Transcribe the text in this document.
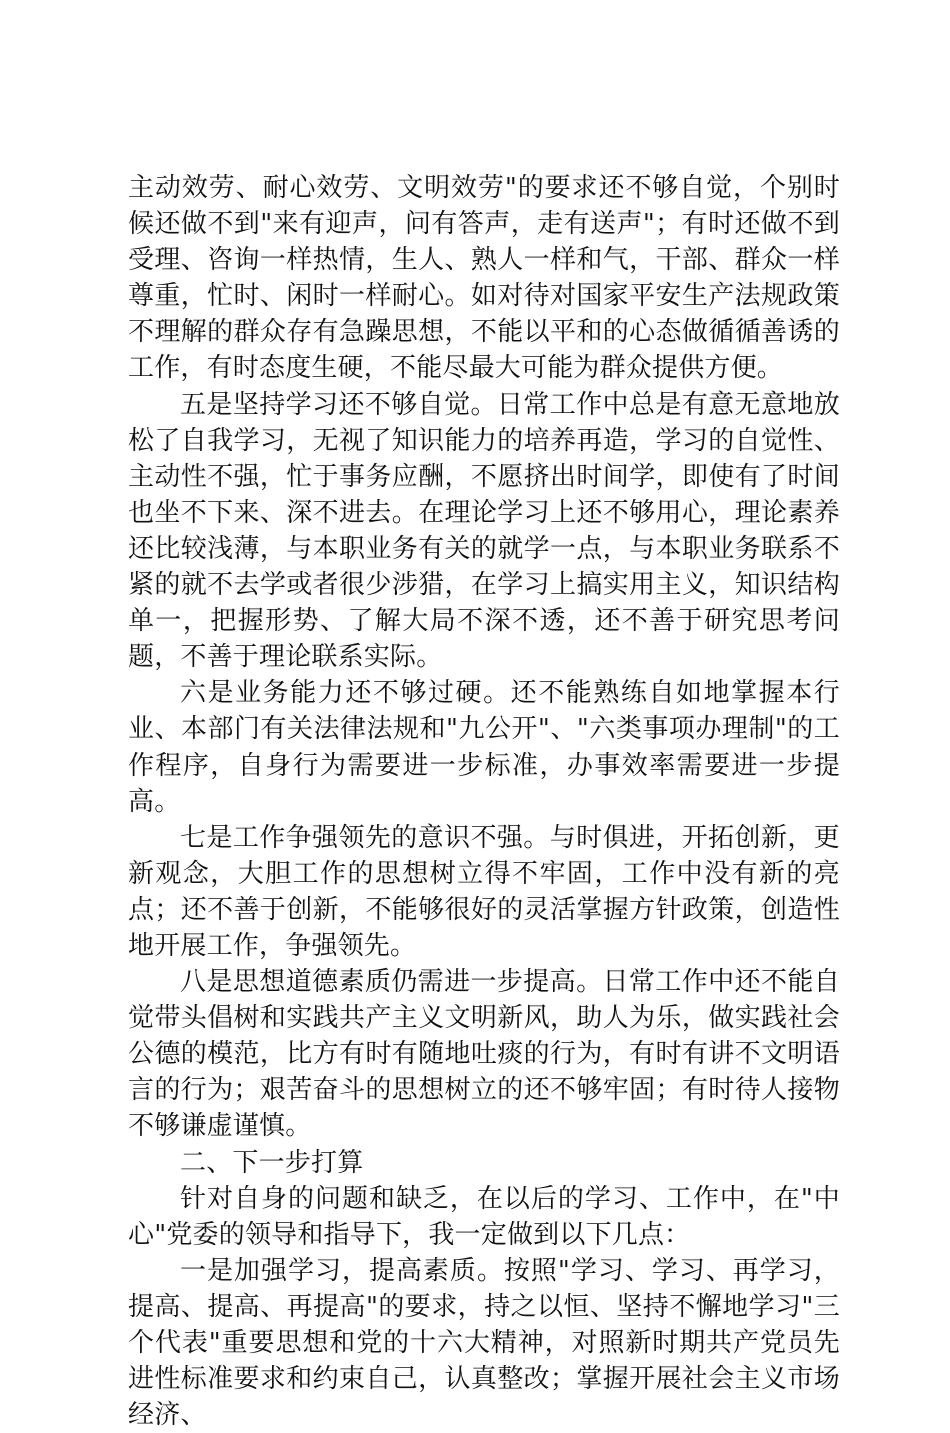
主动效劳、耐心效劳、文明效劳"的要求还不够自觉，个别时候还做不到"来有迎声，问有答声，走有送声"；有时还做不到受理、咨询一样热情，生人、熟人一样和气，干部、群众一样尊重，忙时、闲时一样耐心。如对待对国家平安生产法规政策不理解的群众存有急躁思想，不能以平和的心态做循循善诱的工作，有时态度生硬，不能尽最大可能为群众提供方便。

五是坚持学习还不够自觉。日常工作中总是有意无意地放松了自我学习，无视了知识能力的培养再造，学习的自觉性、主动性不强，忙于事务应酬，不愿挤出时间学，即使有了时间也坐不下来、深不进去。在理论学习上还不够用心，理论素养还比较浅薄，与本职业务有关的就学一点，与本职业务联系不紧的就不去学或者很少涉猎，在学习上搞实用主义，知识结构单一，把握形势、了解大局不深不透，还不善于研究思考问题，不善于理论联系实际。

六是业务能力还不够过硬。还不能熟练自如地掌握本行业、本部门有关法律法规和"九公开"、"六类事项办理制"的工作程序，自身行为需要进一步标准，办事效率需要进一步提高。

七是工作争强领先的意识不强。与时俱进，开拓创新，更新观念，大胆工作的思想树立得不牢固，工作中没有新的亮点；还不善于创新，不能够很好的灵活掌握方针政策，创造性地开展工作，争强领先。

八是思想道德素质仍需进一步提高。日常工作中还不能自觉带头倡树和实践共产主义文明新风，助人为乐，做实践社会公德的模范，比方有时有随地吐痰的行为，有时有讲不文明语言的行为；艰苦奋斗的思想树立的还不够牢固；有时待人接物不够谦虚谨慎。

二、下一步打算

针对自身的问题和缺乏，在以后的学习、工作中，在"中心"党委的领导和指导下，我一定做到以下几点：

一是加强学习，提高素质。按照"学习、学习、再学习，提高、提高、再提高"的要求，持之以恒、坚持不懈地学习"三个代表"重要思想和党的十六大精神，对照新时期共产党员先进性标准要求和约束自己，认真整改；掌握开展社会主义市场经济、
